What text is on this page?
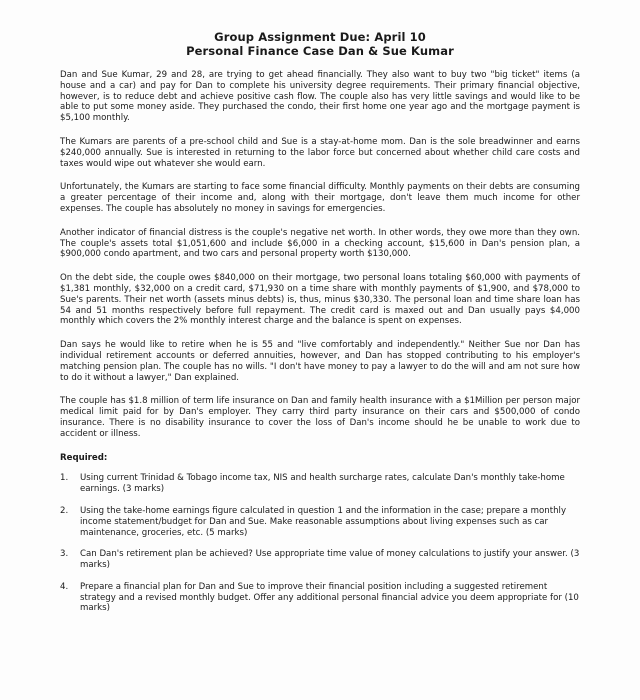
Group Assignment Due: April 10
Personal Finance Case Dan & Sue Kumar

Dan and Sue Kumar, 29 and 28, are trying to get ahead financially. They also want to buy two "big ticket" items (a house and a car) and pay for Dan to complete his university degree requirements. Their primary financial objective, however, is to reduce debt and achieve positive cash flow. The couple also has very little savings and would like to be able to put some money aside. They purchased the condo, their first home one year ago and the mortgage payment is $5,100 monthly.

The Kumars are parents of a pre-school child and Sue is a stay-at-home mom. Dan is the sole breadwinner and earns $240,000 annually. Sue is interested in returning to the labor force but concerned about whether child care costs and taxes would wipe out whatever she would earn.

Unfortunately, the Kumars are starting to face some financial difficulty. Monthly payments on their debts are consuming a greater percentage of their income and, along with their mortgage, don't leave them much income for other expenses. The couple has absolutely no money in savings for emergencies.

Another indicator of financial distress is the couple's negative net worth. In other words, they owe more than they own. The couple's assets total $1,051,600 and include $6,000 in a checking account, $15,600 in Dan's pension plan, a $900,000 condo apartment, and two cars and personal property worth $130,000.

On the debt side, the couple owes $840,000 on their mortgage, two personal loans totaling $60,000 with payments of $1,381 monthly, $32,000 on a credit card, $71,930 on a time share with monthly payments of $1,900, and $78,000 to Sue's parents. Their net worth (assets minus debts) is, thus, minus $30,330. The personal loan and time share loan has 54 and 51 months respectively before full repayment. The credit card is maxed out and Dan usually pays $4,000 monthly which covers the 2% monthly interest charge and the balance is spent on expenses.

Dan says he would like to retire when he is 55 and "live comfortably and independently." Neither Sue nor Dan has individual retirement accounts or deferred annuities, however, and Dan has stopped contributing to his employer's matching pension plan. The couple has no wills. "I don't have money to pay a lawyer to do the will and am not sure how to do it without a lawyer," Dan explained.

The couple has $1.8 million of term life insurance on Dan and family health insurance with a $1Million per person major medical limit paid for by Dan's employer. They carry third party insurance on their cars and $500,000 of condo insurance. There is no disability insurance to cover the loss of Dan's income should he be unable to work due to accident or illness.

Required:
1.	Using current Trinidad & Tobago income tax, NIS and health surcharge rates, calculate Dan's monthly take-home earnings. (3 marks)
2.	Using the take-home earnings figure calculated in question 1 and the information in the case; prepare a monthly income statement/budget for Dan and Sue. Make reasonable assumptions about living expenses such as car maintenance, groceries, etc. (5 marks)
3.	Can Dan's retirement plan be achieved? Use appropriate time value of money calculations to justify your answer. (3 marks)
4.	Prepare a financial plan for Dan and Sue to improve their financial position including a suggested retirement strategy and a revised monthly budget. Offer any additional personal financial advice you deem appropriate for (10 marks)
